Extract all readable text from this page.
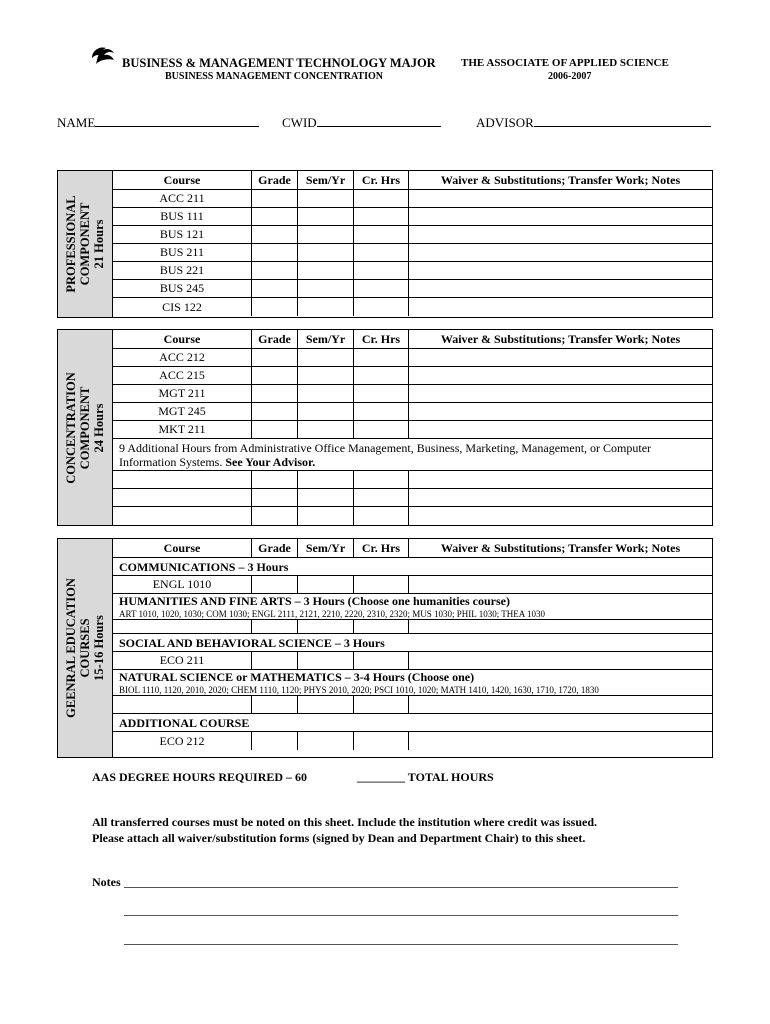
BUSINESS & MANAGEMENT TECHNOLOGY MAJOR
BUSINESS MANAGEMENT CONCENTRATION
THE ASSOCIATE OF APPLIED SCIENCE
2006-2007
NAME	CWID	ADVISOR
PROFESSIONAL COMPONENT 21 Hours
Course	Grade	Sem/Yr	Cr. Hrs	Waiver & Substitutions; Transfer Work; Notes
ACC 211
BUS 111
BUS 121
BUS 211
BUS 221
BUS 245
CIS 122
CONCENTRATION COMPONENT 24 Hours
Course	Grade	Sem/Yr	Cr. Hrs	Waiver & Substitutions; Transfer Work; Notes
ACC 212
ACC 215
MGT 211
MGT 245
MKT 211
9 Additional Hours from Administrative Office Management, Business, Marketing, Management, or Computer Information Systems. See Your Advisor.
GEENRAL EDUCATION COURSES 15-16 Hours
Course	Grade	Sem/Yr	Cr. Hrs	Waiver & Substitutions; Transfer Work; Notes
COMMUNICATIONS – 3 Hours
ENGL 1010
HUMANITIES AND FINE ARTS – 3 Hours (Choose one humanities course)
ART 1010, 1020, 1030; COM 1030; ENGL 2111, 2121, 2210, 2220, 2310, 2320; MUS 1030; PHIL 1030; THEA 1030
SOCIAL AND BEHAVIORAL SCIENCE – 3 Hours
ECO 211
NATURAL SCIENCE or MATHEMATICS – 3-4 Hours (Choose one)
BIOL 1110, 1120, 2010, 2020; CHEM 1110, 1120; PHYS 2010, 2020; PSCI 1010, 1020; MATH 1410, 1420, 1630, 1710, 1720, 1830
ADDITIONAL COURSE
ECO 212
AAS DEGREE HOURS REQUIRED – 60	________ TOTAL HOURS
All transferred courses must be noted on this sheet. Include the institution where credit was issued.
Please attach all waiver/substitution forms (signed by Dean and Department Chair) to this sheet.
Notes
